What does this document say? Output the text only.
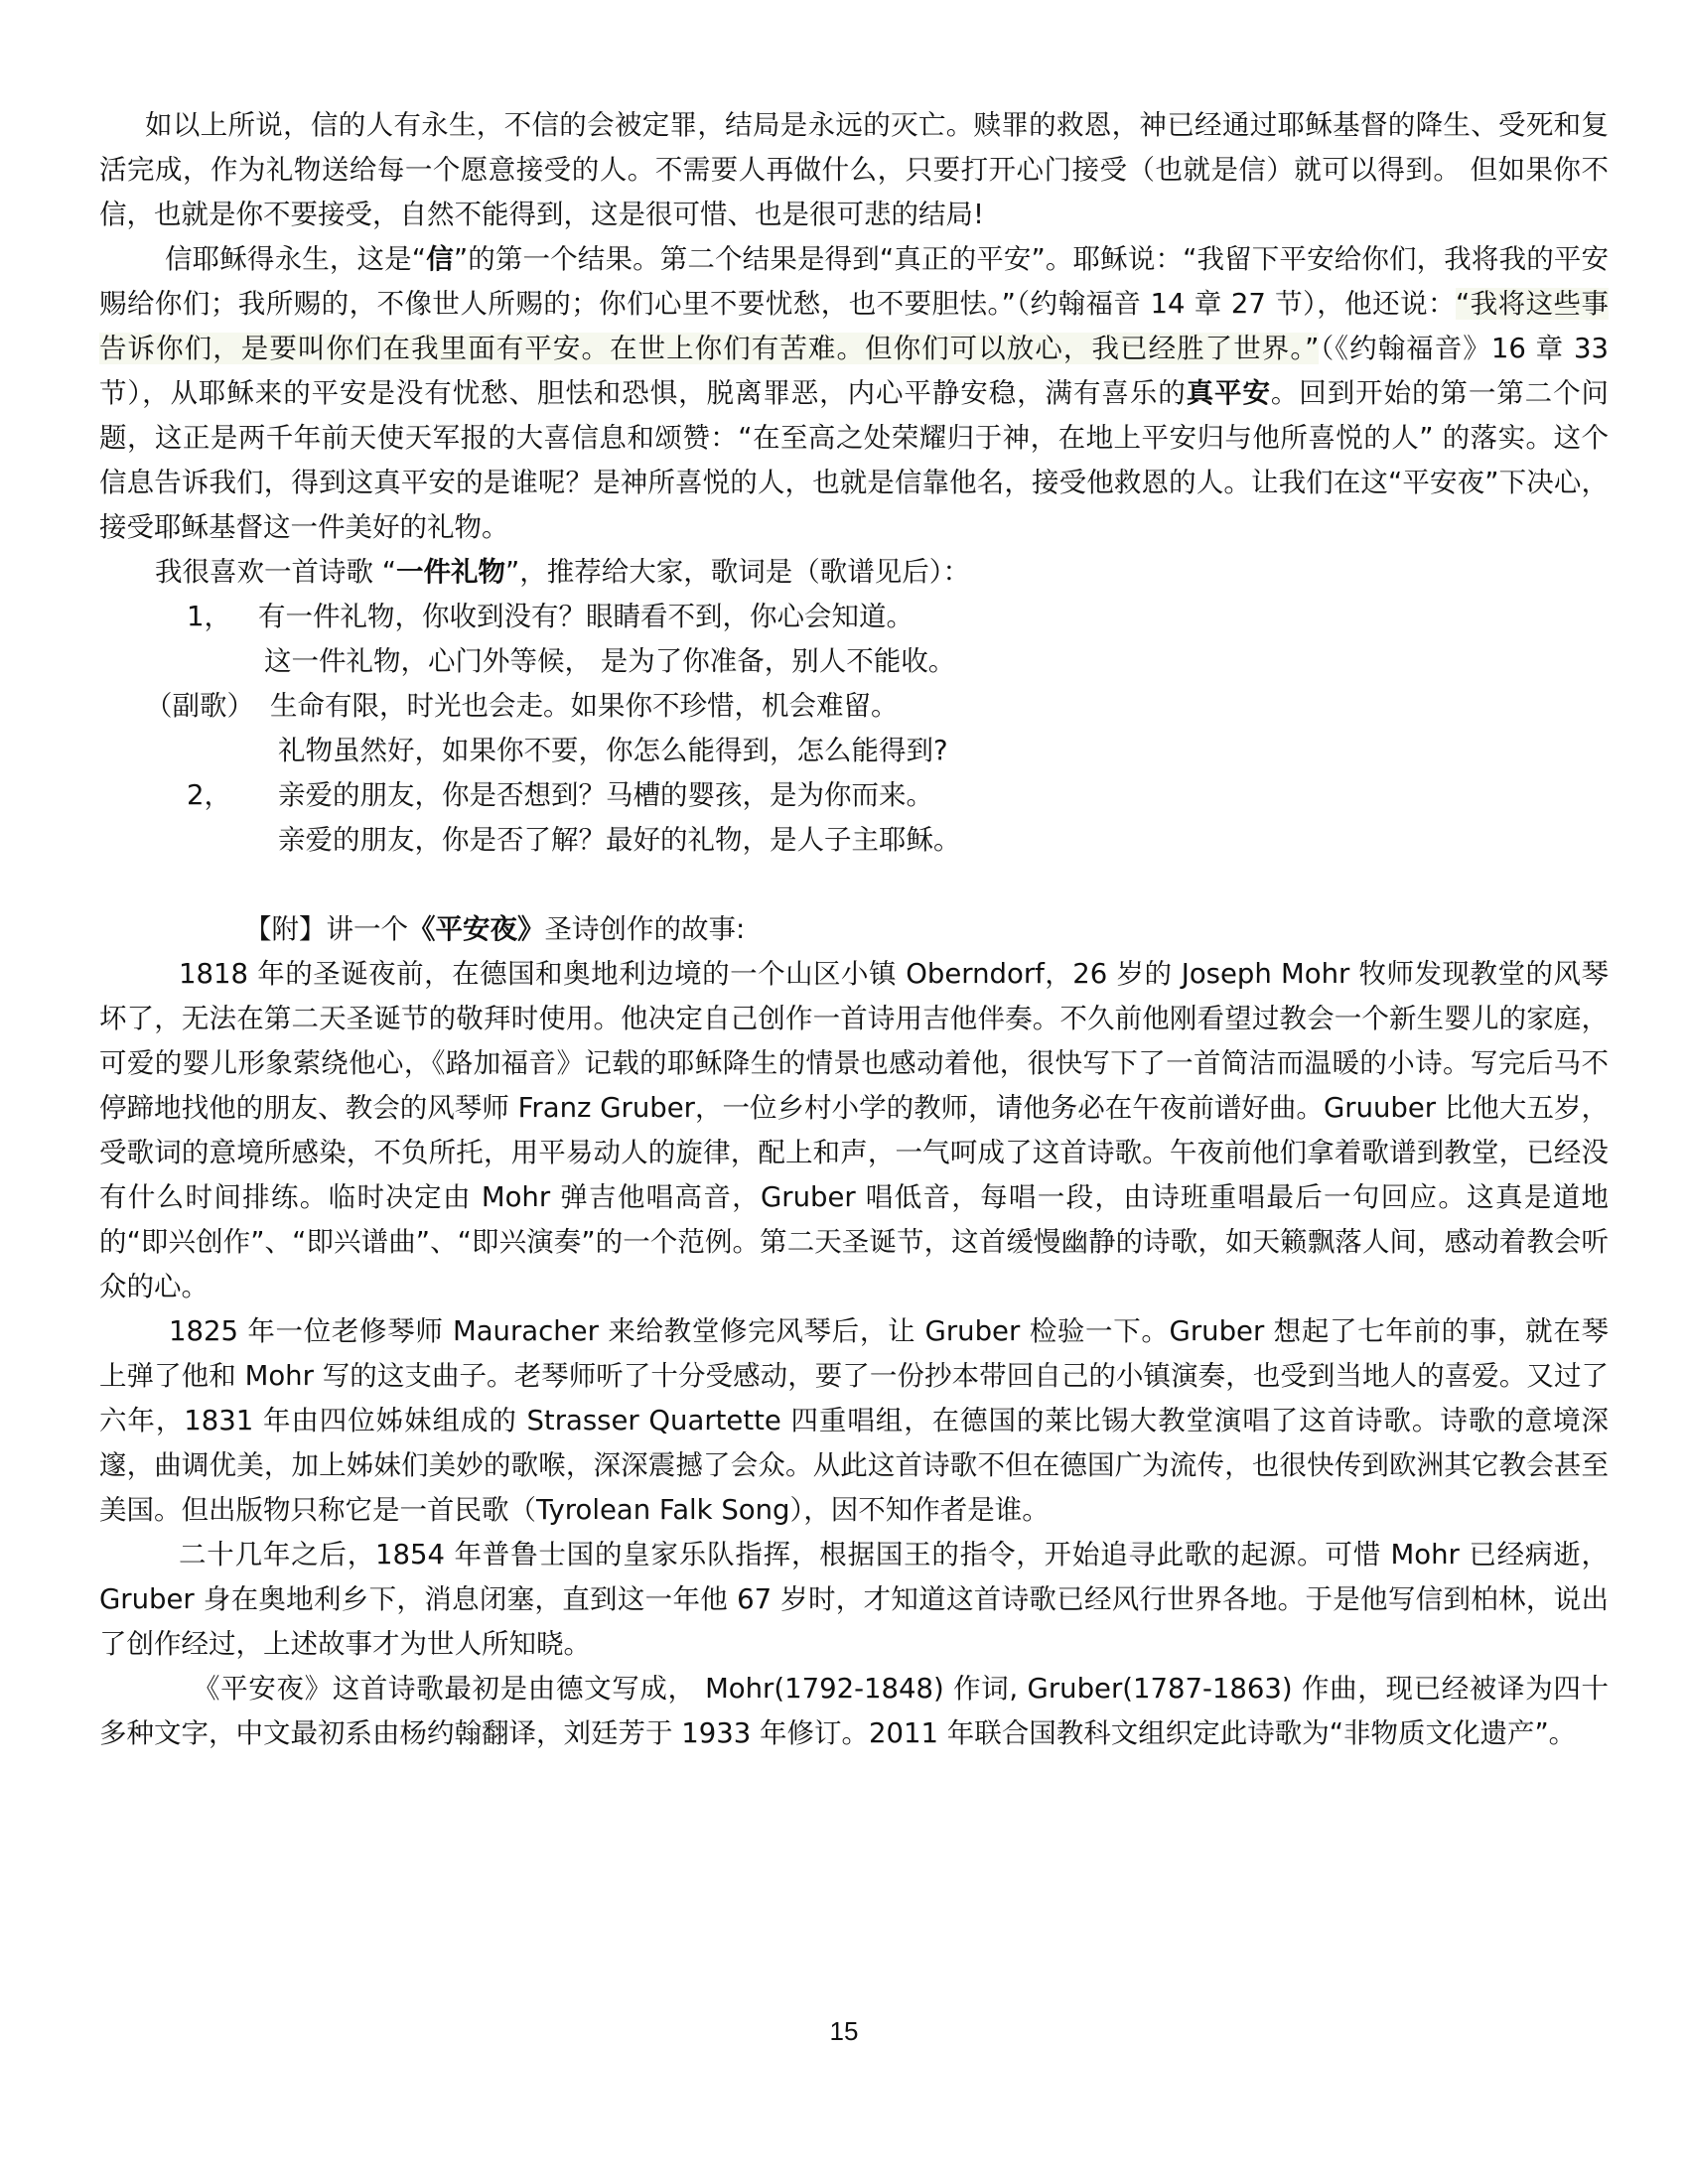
如以上所说，信的人有永生，不信的会被定罪，结局是永远的灭亡。赎罪的救恩，神已经通过耶稣基督的降生、受死和复活完成，作为礼物送给每一个愿意接受的人。不需要人再做什么，只要打开心门接受（也就是信）就可以得到。 但如果你不信，也就是你不要接受，自然不能得到，这是很可惜、也是很可悲的结局!

信耶稣得永生，这是“信”的第一个结果。第二个结果是得到“真正的平安”。耶稣说：“我留下平安给你们，我将我的平安赐给你们；我所赐的，不像世人所赐的；你们心里不要忧愁，也不要胆怯。”（约翰福音 14 章 27 节），他还说：“我将这些事告诉你们，是要叫你们在我里面有平安。在世上你们有苦难。但你们可以放心，我已经胜了世界。”（《约翰福音》16 章 33 节），从耶稣来的平安是没有忧愁、胆怯和恐惧，脱离罪恶，内心平静安稳，满有喜乐的真平安。回到开始的第一第二个问题，这正是两千年前天使天军报的大喜信息和颂赞：“在至高之处荣耀归于神，在地上平安归与他所喜悦的人” 的落实。这个信息告诉我们，得到这真平安的是谁呢？是神所喜悦的人，也就是信靠他名，接受他救恩的人。让我们在这“平安夜”下决心，接受耶稣基督这一件美好的礼物。

我很喜欢一首诗歌 “一件礼物”，推荐给大家，歌词是（歌谱见后）：

1， 有一件礼物，你收到没有？眼睛看不到，你心会知道。
这一件礼物，心门外等候， 是为了你准备，别人不能收。
（副歌） 生命有限，时光也会走。如果你不珍惜，机会难留。
礼物虽然好，如果你不要，你怎么能得到，怎么能得到?
2，	亲爱的朋友，你是否想到？马槽的婴孩，是为你而来。
亲爱的朋友，你是否了解？最好的礼物，是人子主耶稣。

【附】讲一个《平安夜》圣诗创作的故事:

1818 年的圣诞夜前，在德国和奥地利边境的一个山区小镇 Oberndorf，26 岁的 Joseph Mohr 牧师发现教堂的风琴坏了，无法在第二天圣诞节的敬拜时使用。他决定自己创作一首诗用吉他伴奏。不久前他刚看望过教会一个新生婴儿的家庭，可爱的婴儿形象萦绕他心，《路加福音》记载的耶稣降生的情景也感动着他，很快写下了一首简洁而温暖的小诗。写完后马不停蹄地找他的朋友、教会的风琴师 Franz Gruber，一位乡村小学的教师，请他务必在午夜前谱好曲。Gruuber 比他大五岁，受歌词的意境所感染，不负所托，用平易动人的旋律，配上和声，一气呵成了这首诗歌。午夜前他们拿着歌谱到教堂，已经没有什么时间排练。临时决定由 Mohr 弹吉他唱高音，Gruber 唱低音，每唱一段，由诗班重唱最后一句回应。这真是道地的“即兴创作”、“即兴谱曲”、“即兴演奏”的一个范例。第二天圣诞节，这首缓慢幽静的诗歌，如天籁飘落人间，感动着教会听众的心。

1825 年一位老修琴师 Mauracher 来给教堂修完风琴后，让 Gruber 检验一下。Gruber 想起了七年前的事，就在琴上弹了他和 Mohr 写的这支曲子。老琴师听了十分受感动，要了一份抄本带回自己的小镇演奏，也受到当地人的喜爱。又过了六年，1831 年由四位姊妹组成的 Strasser Quartette 四重唱组，在德国的莱比锡大教堂演唱了这首诗歌。诗歌的意境深邃，曲调优美，加上姊妹们美妙的歌喉，深深震撼了会众。从此这首诗歌不但在德国广为流传，也很快传到欧洲其它教会甚至美国。但出版物只称它是一首民歌（Tyrolean Falk Song），因不知作者是谁。

二十几年之后，1854 年普鲁士国的皇家乐队指挥，根据国王的指令，开始追寻此歌的起源。可惜 Mohr 已经病逝，Gruber 身在奥地利乡下，消息闭塞，直到这一年他 67 岁时，才知道这首诗歌已经风行世界各地。于是他写信到柏林，说出了创作经过，上述故事才为世人所知晓。

《平安夜》这首诗歌最初是由德文写成， Mohr(1792-1848) 作词, Gruber(1787-1863) 作曲，现已经被译为四十多种文字，中文最初系由杨约翰翻译，刘廷芳于 1933 年修订。2011 年联合国教科文组织定此诗歌为“非物质文化遗产”。

15
